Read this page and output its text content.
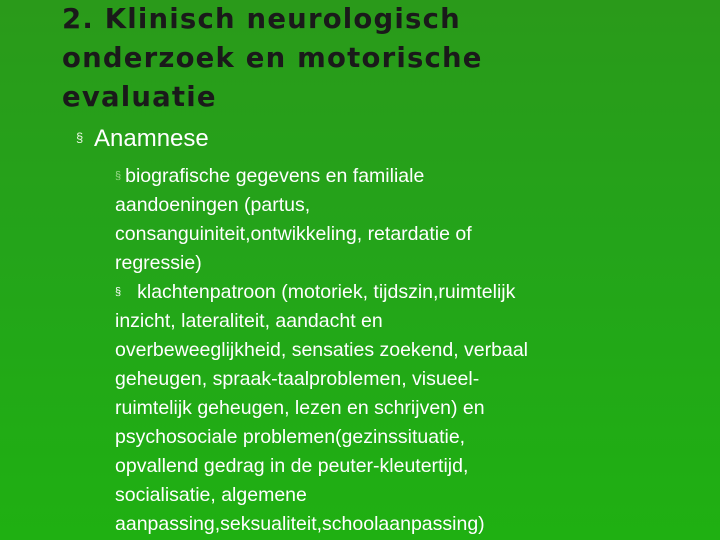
2. Klinisch neurologisch
onderzoek en motorische
evaluatie
§ Anamnese

§ biografische gegevens en familiale
aandoeningen (partus,
consanguiniteit,ontwikkeling, retardatie of
regressie)

§ klachtenpatroon (motoriek, tijdszin,ruimtelijk
inzicht, lateraliteit, aandacht en
overbeweeglijkheid, sensaties zoekend, verbaal
geheugen, spraak-taalproblemen, visueel-
ruimtelijk geheugen, lezen en schrijven) en
psychosociale problemen(gezinssituatie,
opvallend gedrag in de peuter-kleutertijd,
socialisatie, algemene
aanpassing,seksualiteit,schoolaanpassing)
